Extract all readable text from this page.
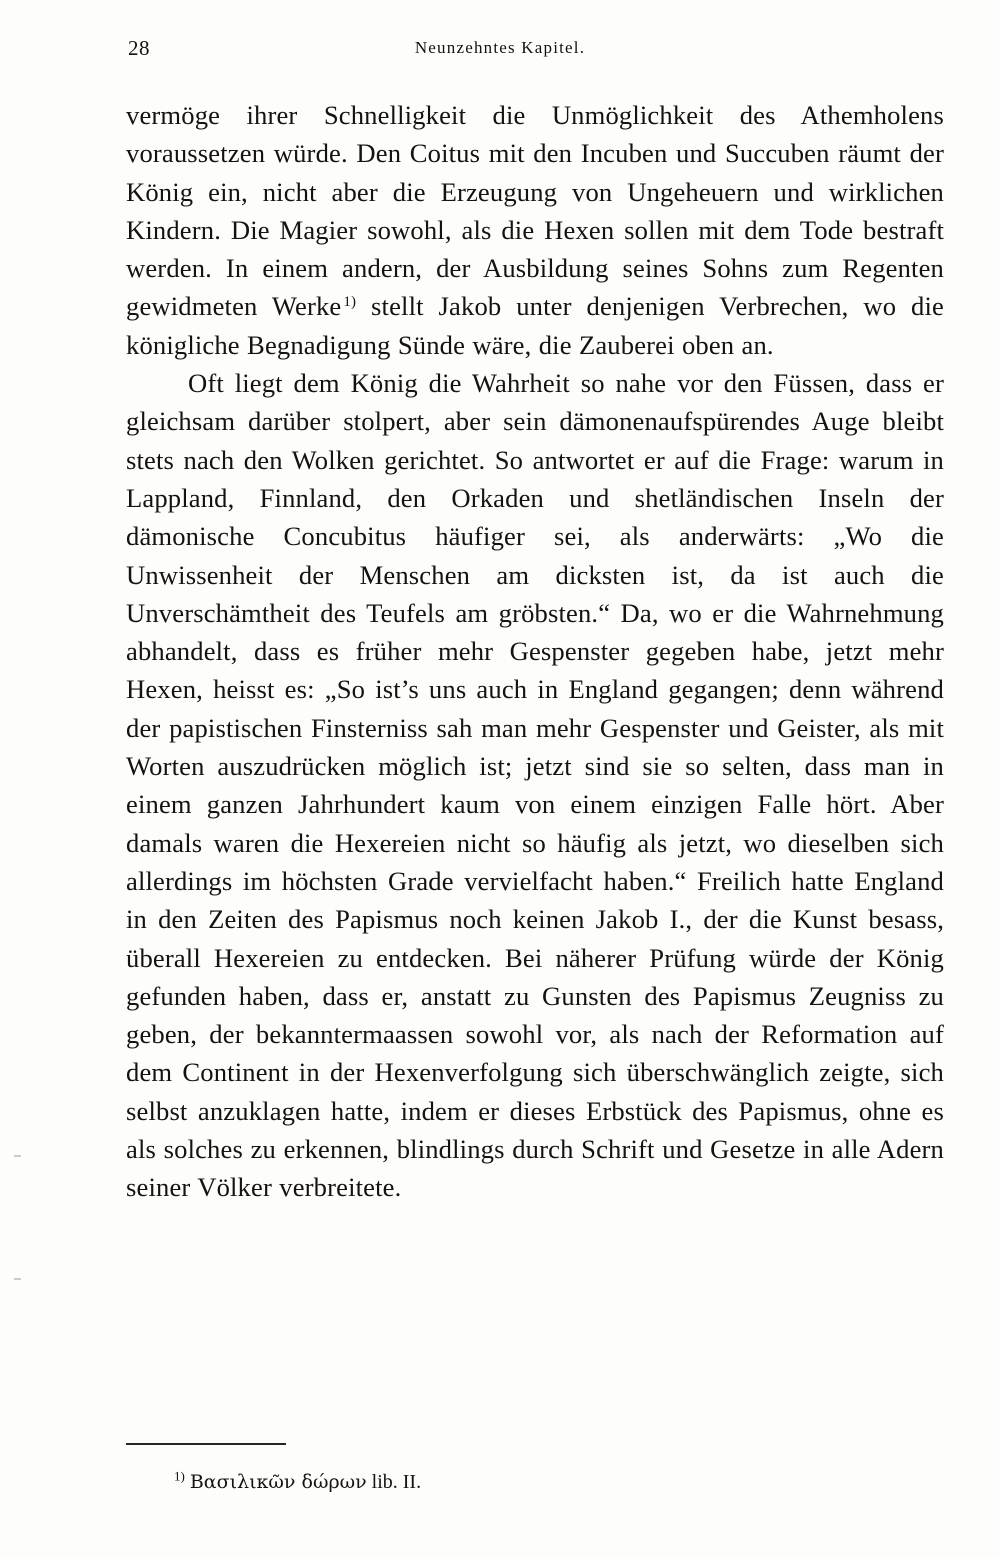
28	Neunzehntes Kapitel.

vermöge ihrer Schnelligkeit die Unmöglichkeit des Athemholens voraussetzen würde. Den Coitus mit den Incuben und Succuben räumt der König ein, nicht aber die Erzeugung von Ungeheuern und wirklichen Kindern. Die Magier sowohl, als die Hexen sollen mit dem Tode bestraft werden. In einem andern, der Ausbildung seines Sohns zum Regenten gewidmeten Werke $^{1)}$ stellt Jakob unter denjenigen Verbrechen, wo die königliche Begnadigung Sünde wäre, die Zauberei oben an.

Oft liegt dem König die Wahrheit so nahe vor den Füssen, dass er gleichsam darüber stolpert, aber sein dämonenaufspürendes Auge bleibt stets nach den Wolken gerichtet. So antwortet er auf die Frage: warum in Lappland, Finnland, den Orkaden und shetländischen Inseln der dämonische Concubitus häufiger sei, als anderwärts: „Wo die Unwissenheit der Menschen am dicksten ist, da ist auch die Unverschämtheit des Teufels am gröbsten.“ Da, wo er die Wahrnehmung abhandelt, dass es früher mehr Gespenster gegeben habe, jetzt mehr Hexen, heisst es: „So ist’s uns auch in England gegangen; denn während der papistischen Finsterniss sah man mehr Gespenster und Geister, als mit Worten auszudrücken möglich ist; jetzt sind sie so selten, dass man in einem ganzen Jahrhundert kaum von einem einzigen Falle hört. Aber damals waren die Hexereien nicht so häufig als jetzt, wo dieselben sich allerdings im höchsten Grade vervielfacht haben.“ Freilich hatte England in den Zeiten des Papismus noch keinen Jakob I., der die Kunst besass, überall Hexereien zu entdecken. Bei näherer Prüfung würde der König gefunden haben, dass er, anstatt zu Gunsten des Papismus Zeugniss zu geben, der bekanntermaassen sowohl vor, als nach der Reformation auf dem Continent in der Hexenverfolgung sich überschwänglich zeigte, sich selbst anzuklagen hatte, indem er dieses Erbstück des Papismus, ohne es als solches zu erkennen, blindlings durch Schrift und Gesetze in alle Adern seiner Völker verbreitete.

$^{1)}$ Βασιλικῶν δώρων lib. II.
